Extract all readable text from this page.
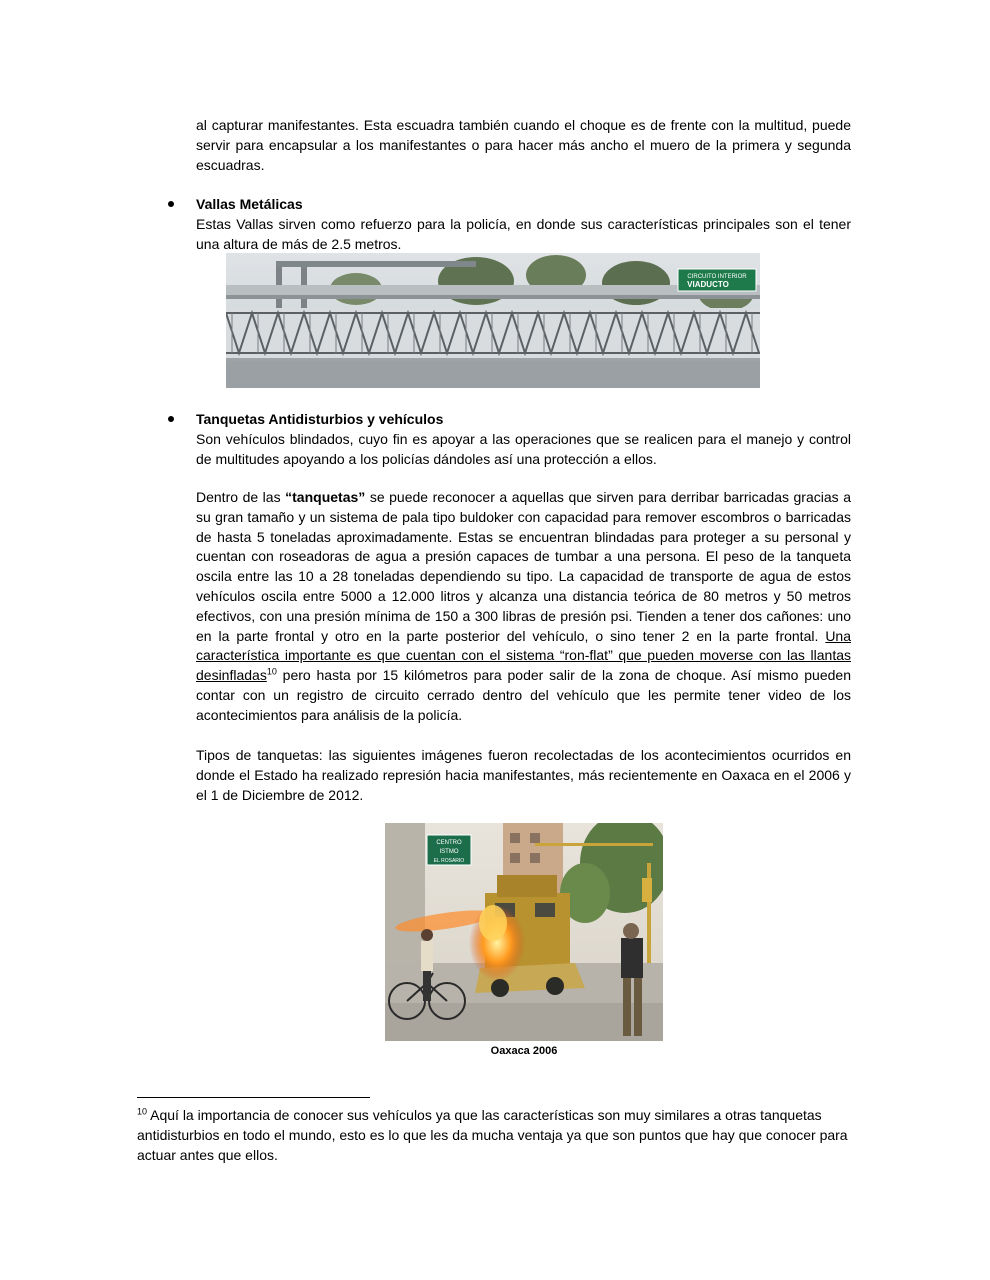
al capturar manifestantes. Esta escuadra también cuando el choque es de frente con la multitud, puede servir para encapsular a los manifestantes o para hacer más ancho el muero de la primera y segunda escuadras.

Vallas Metálicas

Estas Vallas sirven como refuerzo para la policía, en donde sus características principales son el tener una altura de más de 2.5 metros.

CIRCUITO INTERIOR
VIADUCTO

Tanquetas Antidisturbios y vehículos

Son vehículos blindados, cuyo fin es apoyar a las operaciones que se realicen para el manejo y control de multitudes apoyando a los policías dándoles así una protección a ellos.

Dentro de las “tanquetas” se puede reconocer a aquellas que sirven para derribar barricadas gracias a su gran tamaño y un sistema de pala tipo buldoker con capacidad para remover escombros o barricadas de hasta 5 toneladas aproximadamente. Estas se encuentran blindadas para proteger a su personal y cuentan con roseadoras de agua a presión capaces de tumbar a una persona. El peso de la tanqueta oscila entre las 10 a 28 toneladas dependiendo su tipo. La capacidad de transporte de agua de estos vehículos oscila entre 5000 a 12.000 litros y alcanza una distancia teórica de 80 metros y 50 metros efectivos, con una presión mínima de 150 a 300 libras de presión psi. Tienden a tener dos cañones: uno en la parte frontal y otro en la parte posterior del vehículo, o sino tener 2 en la parte frontal. Una característica importante es que cuentan con el sistema “ron-flat” que pueden moverse con las llantas desinfladas$^{10}$ pero hasta por 15 kilómetros para poder salir de la zona de choque. Así mismo pueden contar con un registro de circuito cerrado dentro del vehículo que les permite tener video de los acontecimientos para análisis de la policía.

Tipos de tanquetas: las siguientes imágenes fueron recolectadas de los acontecimientos ocurridos en donde el Estado ha realizado represión hacia manifestantes, más recientemente en Oaxaca en el 2006 y el 1 de Diciembre de 2012.

CENTRO
ISTMO
EL ROSARIO
Oaxaca 2006
$^{10}$ Aquí la importancia de conocer sus vehículos ya que las características son muy similares a otras tanquetas antidisturbios en todo el mundo, esto es lo que les da mucha ventaja ya que son puntos que hay que conocer para actuar antes que ellos.
